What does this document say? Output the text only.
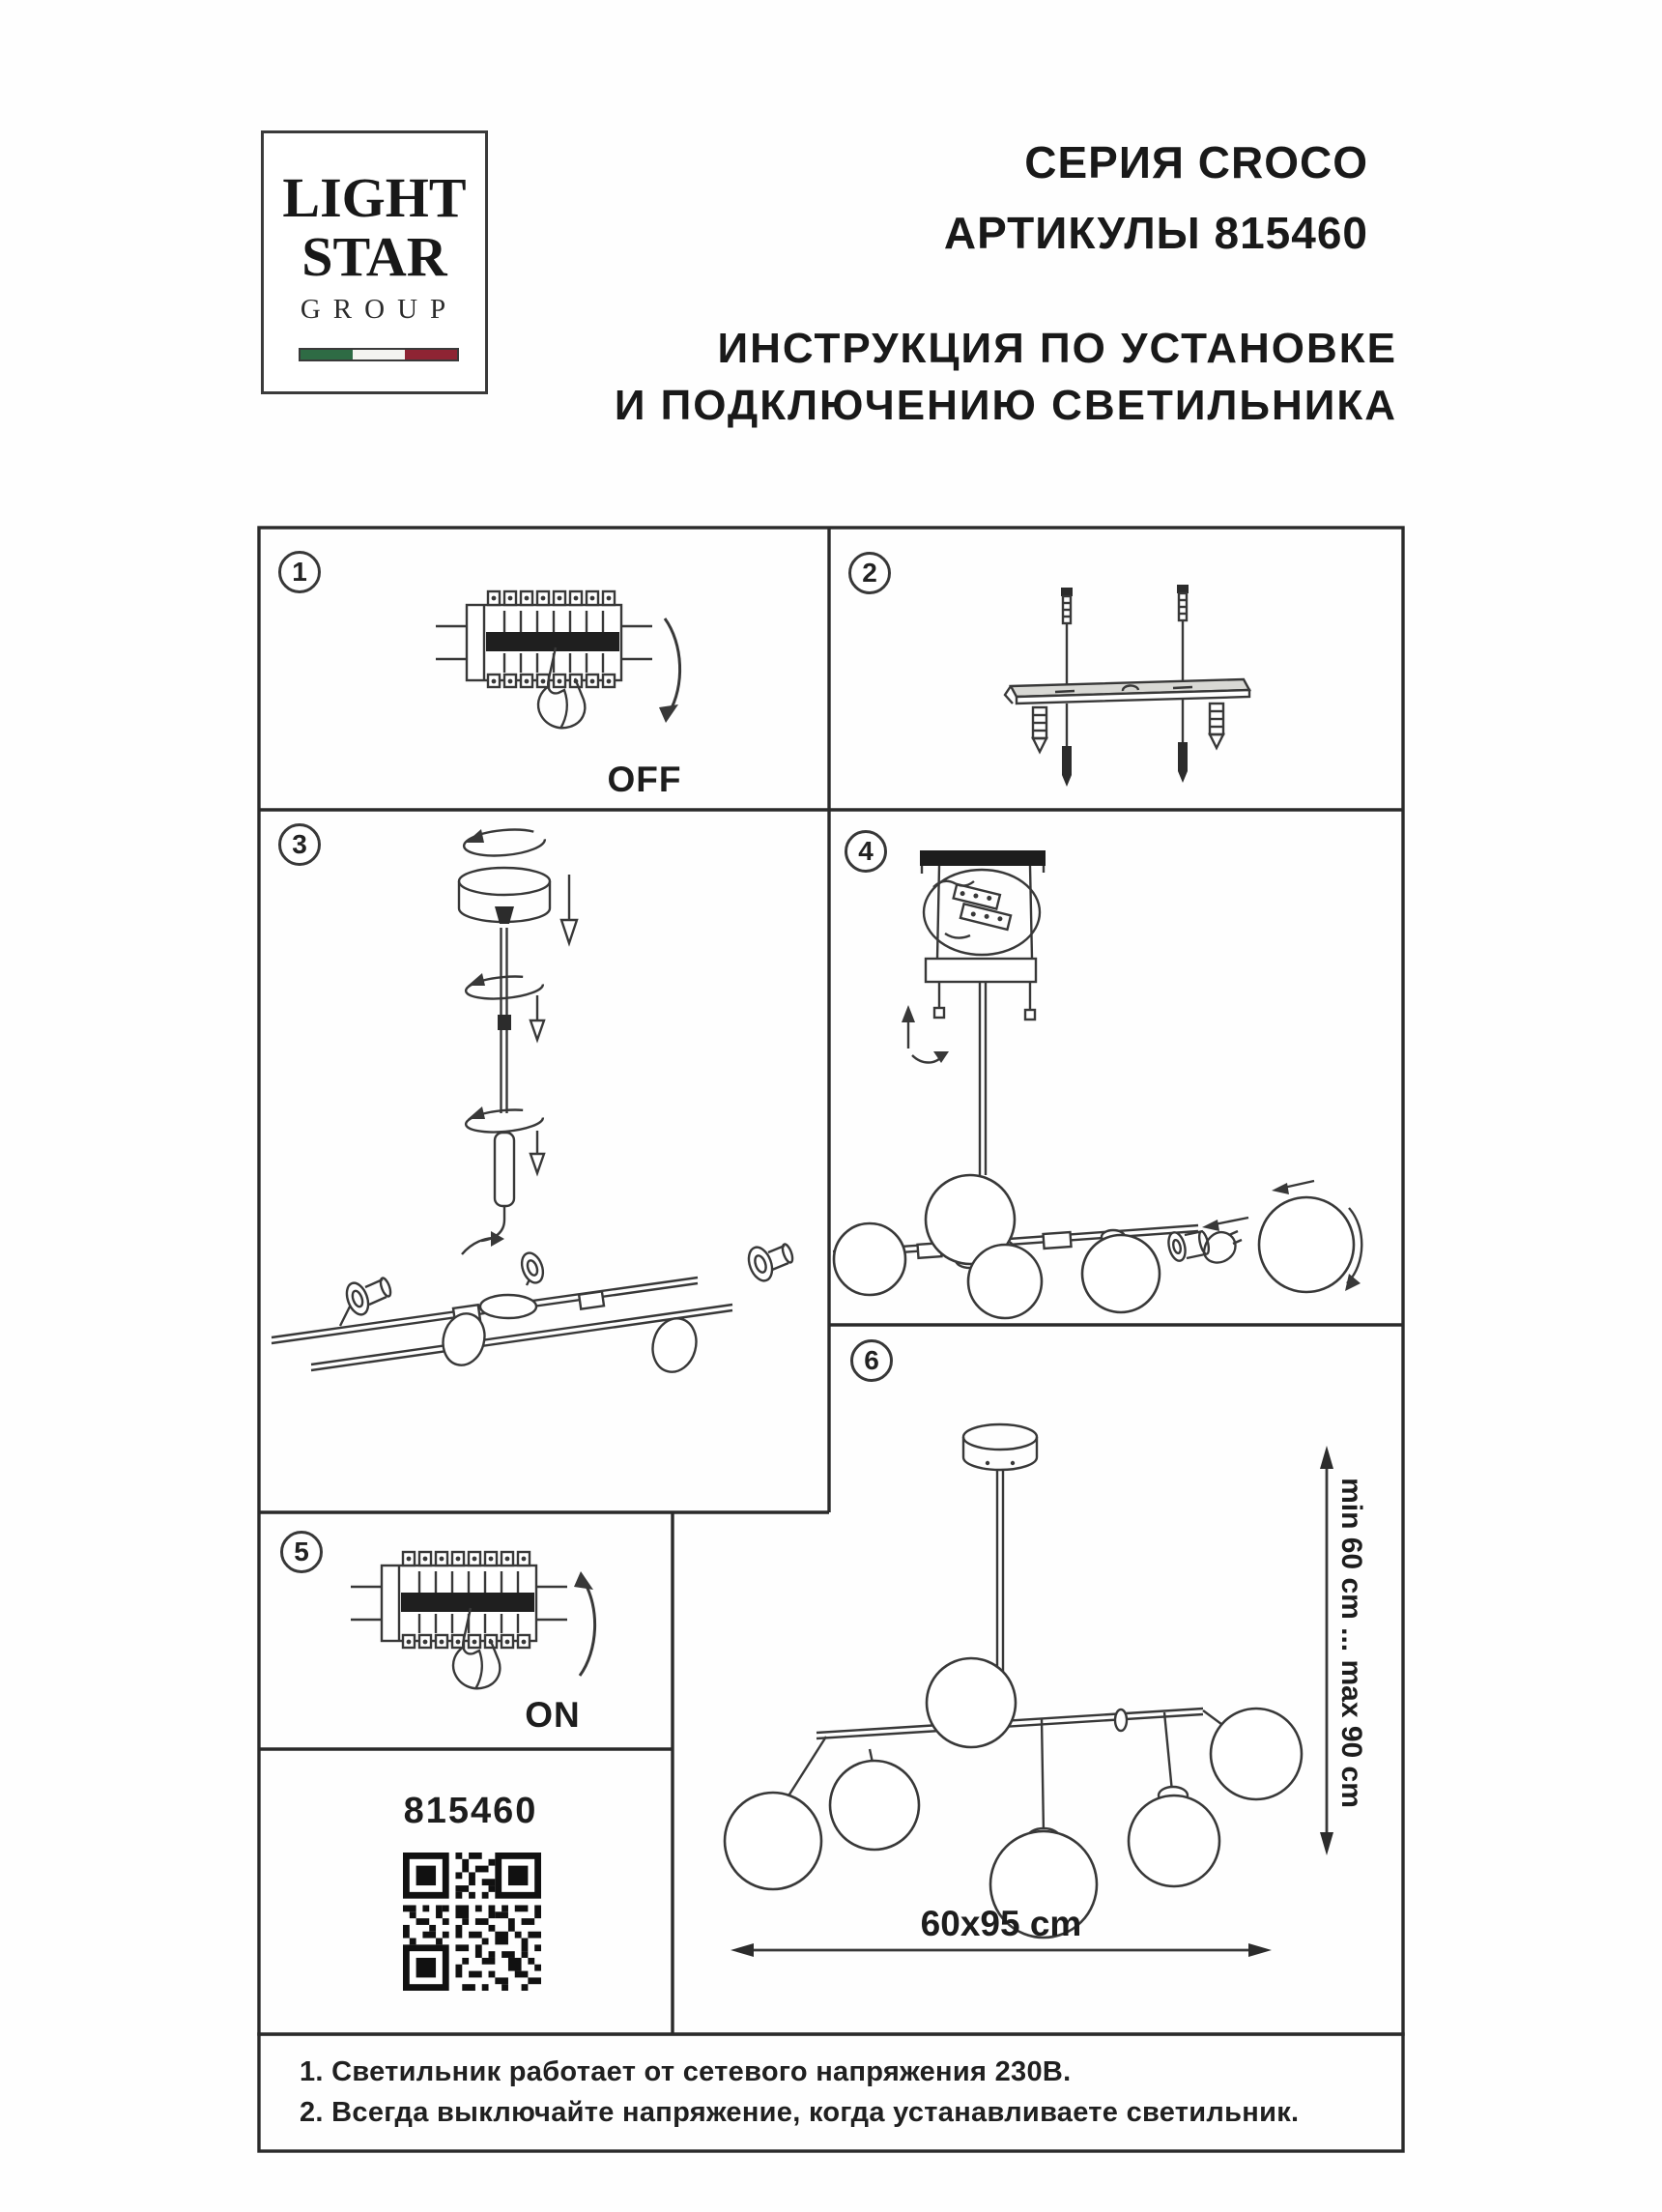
LIGHT
STAR
GROUP
СЕРИЯ CROCO
АРТИКУЛЫ 815460
ИНСТРУКЦИЯ ПО УСТАНОВКЕ
И ПОДКЛЮЧЕНИЮ СВЕТИЛЬНИКА
1	2
3	4
5
6
OFF
ON
815460
min 60 cm ... max 90 cm
60x95 cm
1. Светильник работает от сетевого напряжения 230В.
2. Всегда выключайте напряжение, когда устанавливаете светильник.
